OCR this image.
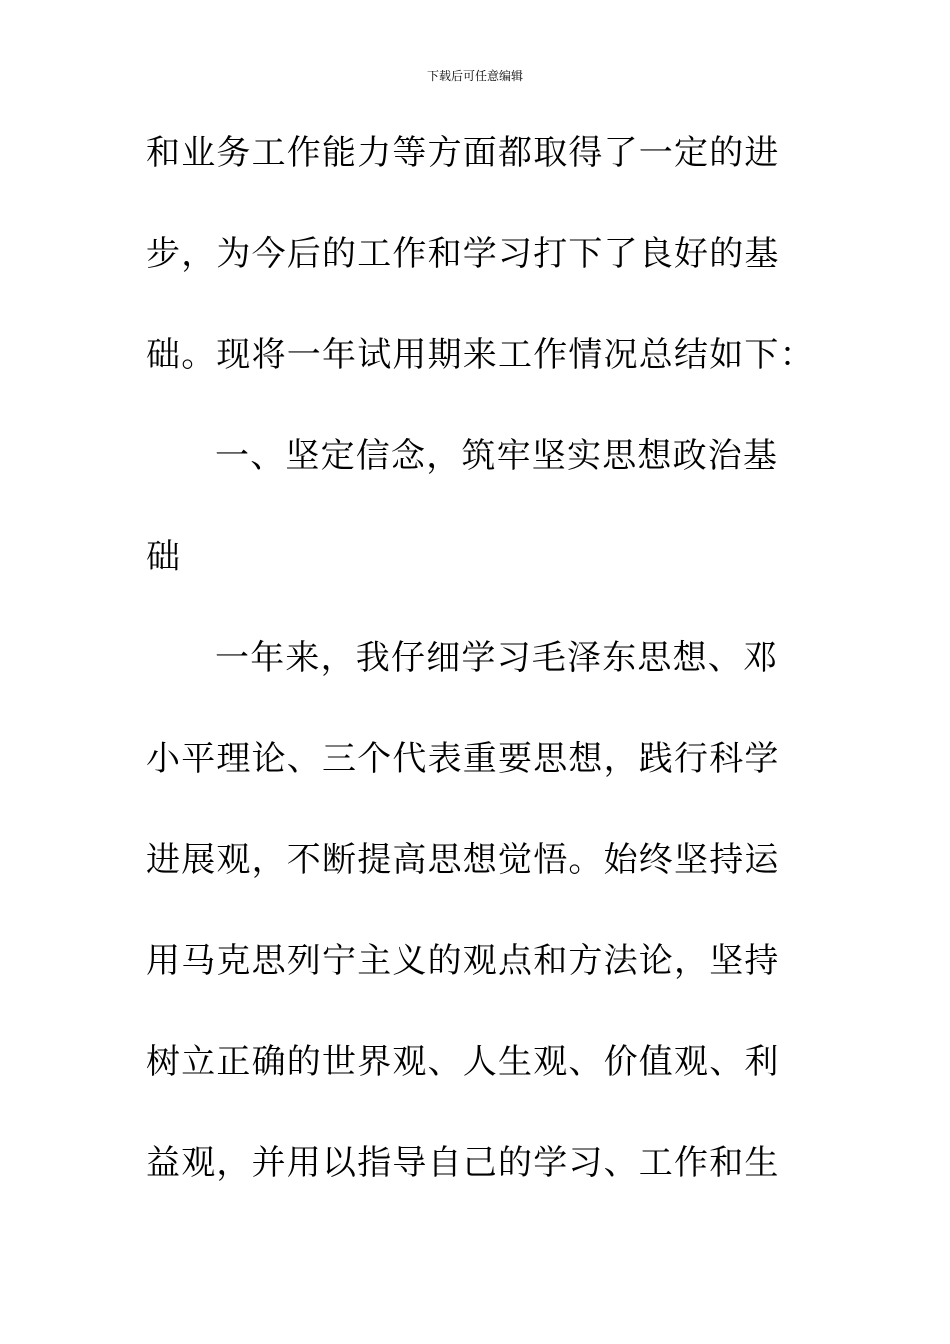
下载后可任意编辑
和业务工作能力等方面都取得了一定的进
步，为今后的工作和学习打下了良好的基
础。现将一年试用期来工作情况总结如下：
一、坚定信念，筑牢坚实思想政治基
础
一年来，我仔细学习毛泽东思想、邓
小平理论、三个代表重要思想，践行科学
进展观，不断提高思想觉悟。始终坚持运
用马克思列宁主义的观点和方法论，坚持
树立正确的世界观、人生观、价值观、利
益观，并用以指导自己的学习、工作和生
